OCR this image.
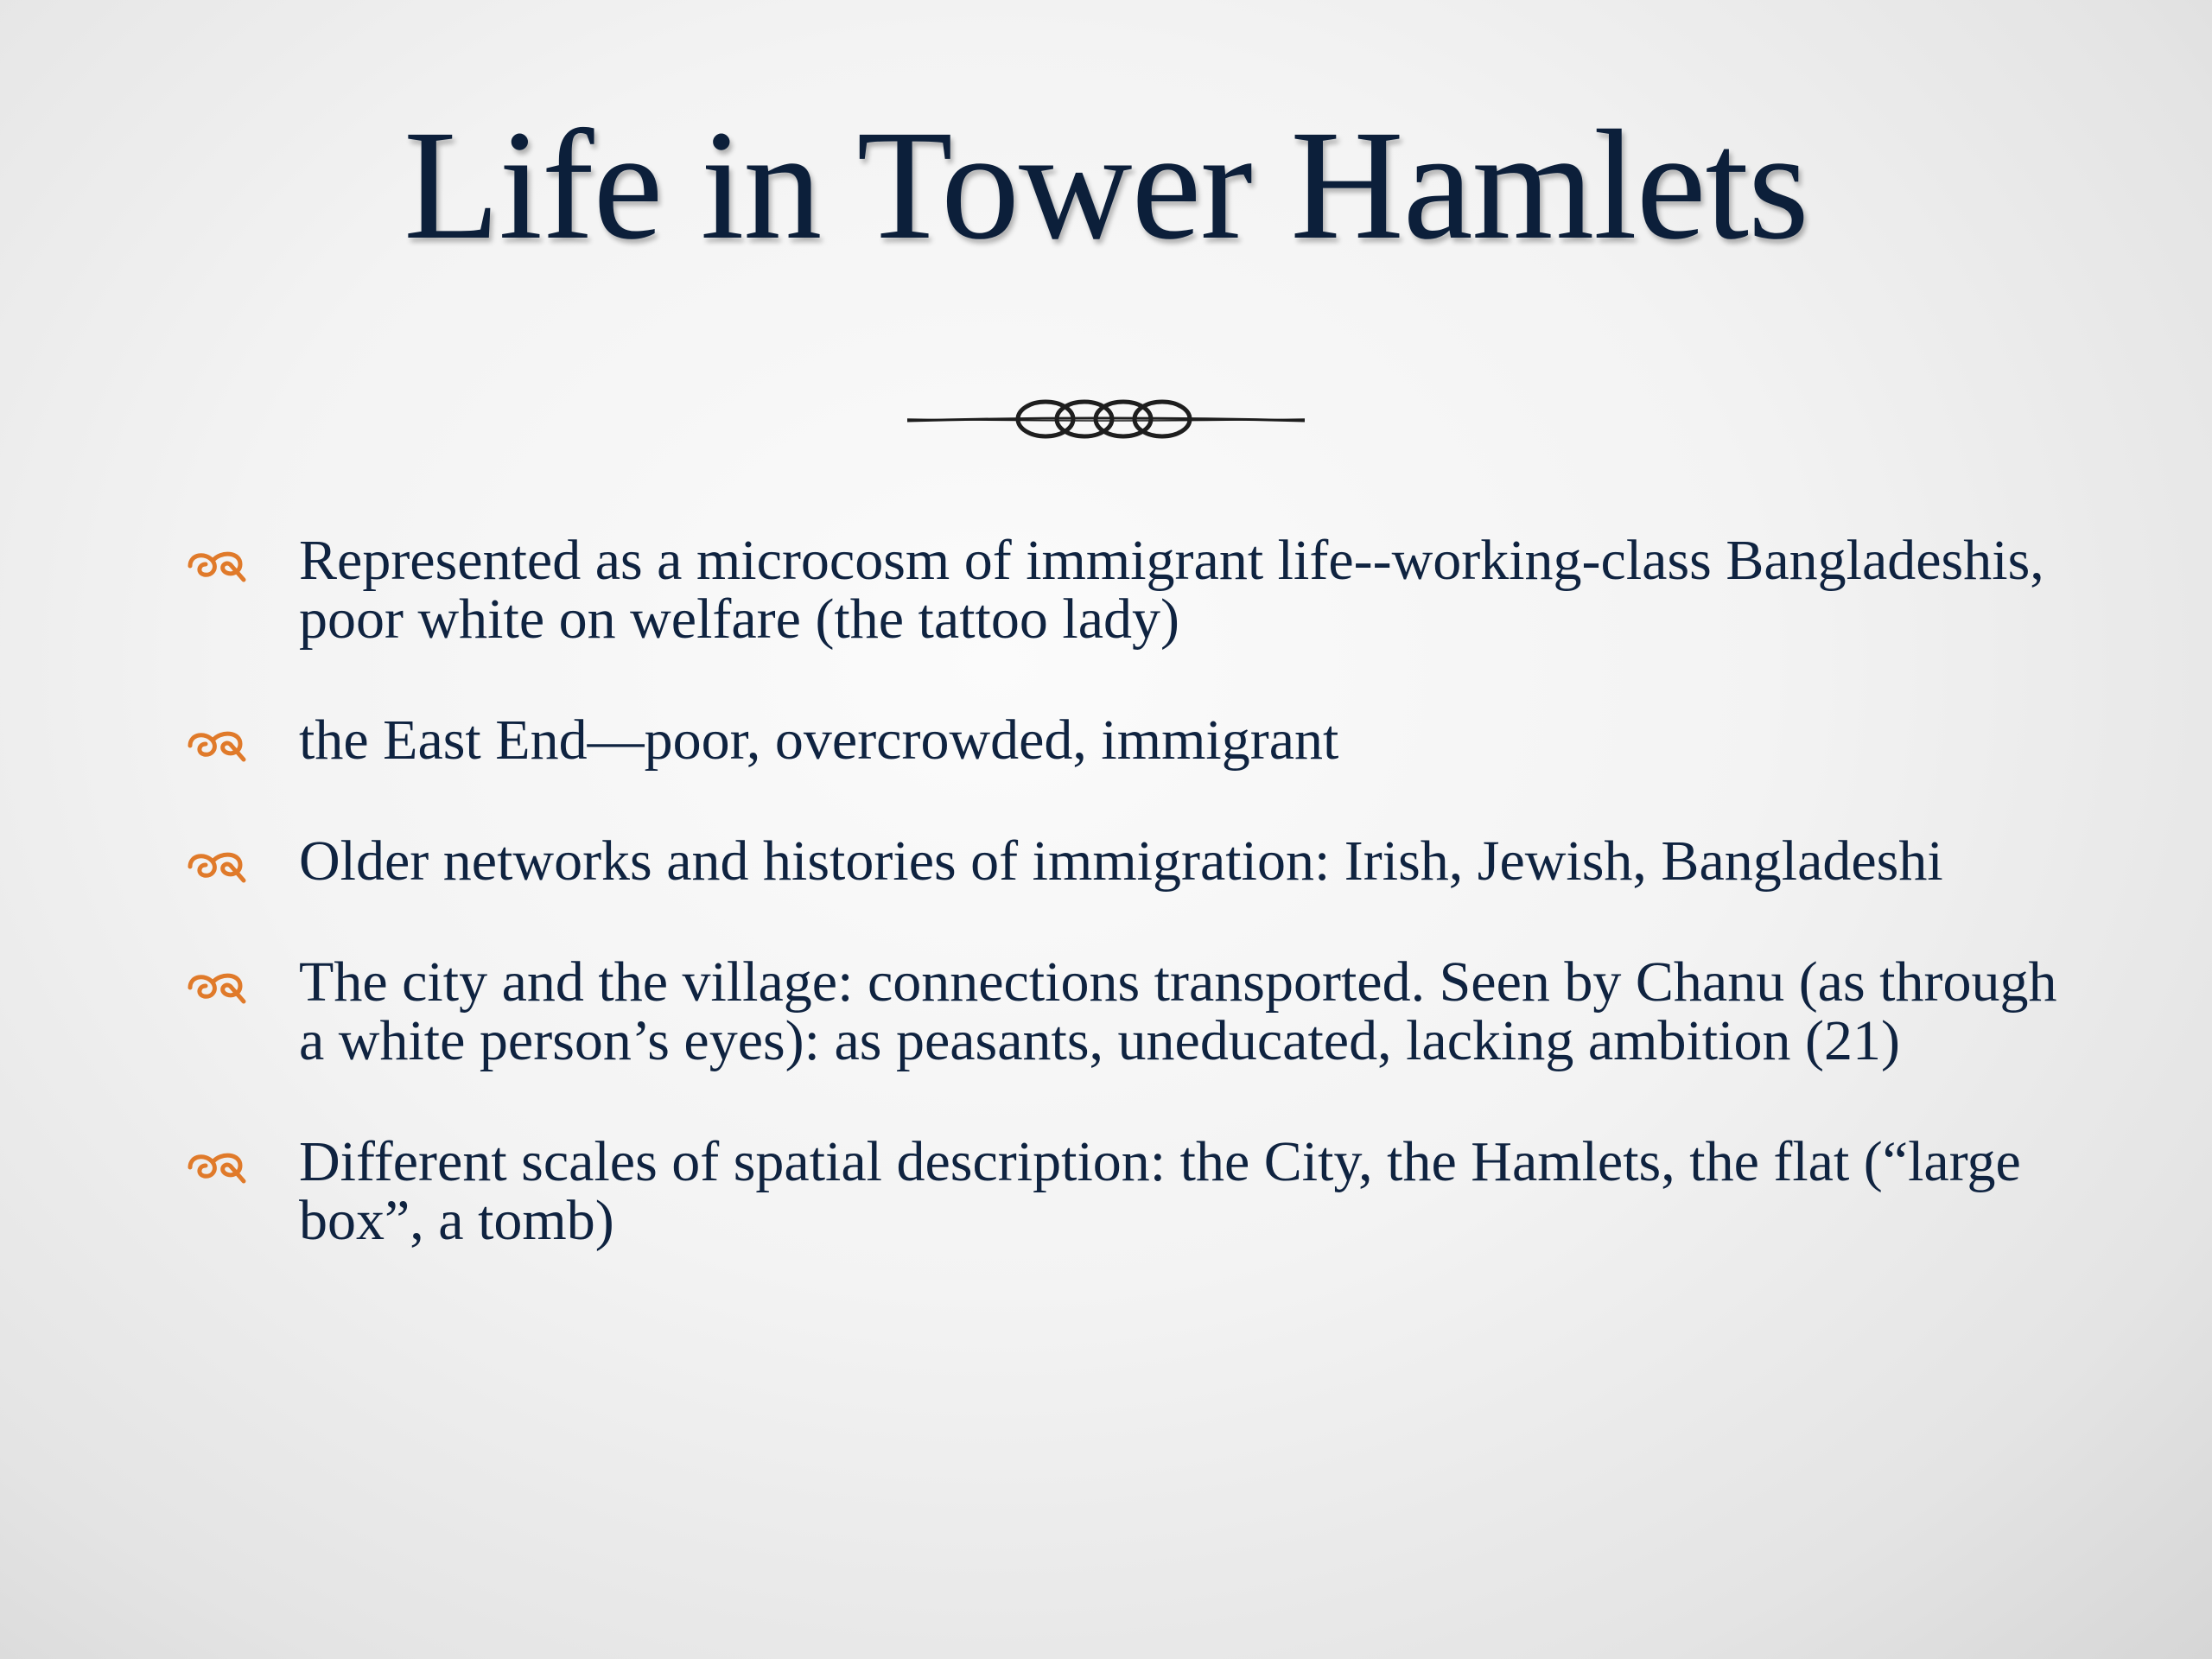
Life in Tower Hamlets
Represented as a microcosm of immigrant life--working-class Bangladeshis, poor white on welfare (the tattoo lady)
the East End—poor, overcrowded, immigrant
Older networks and histories of immigration: Irish, Jewish, Bangladeshi
The city and the village: connections transported. Seen by Chanu (as through a white person’s eyes): as peasants, uneducated, lacking ambition (21)
Different scales of spatial description: the City, the Hamlets, the flat (“large box”, a tomb)
